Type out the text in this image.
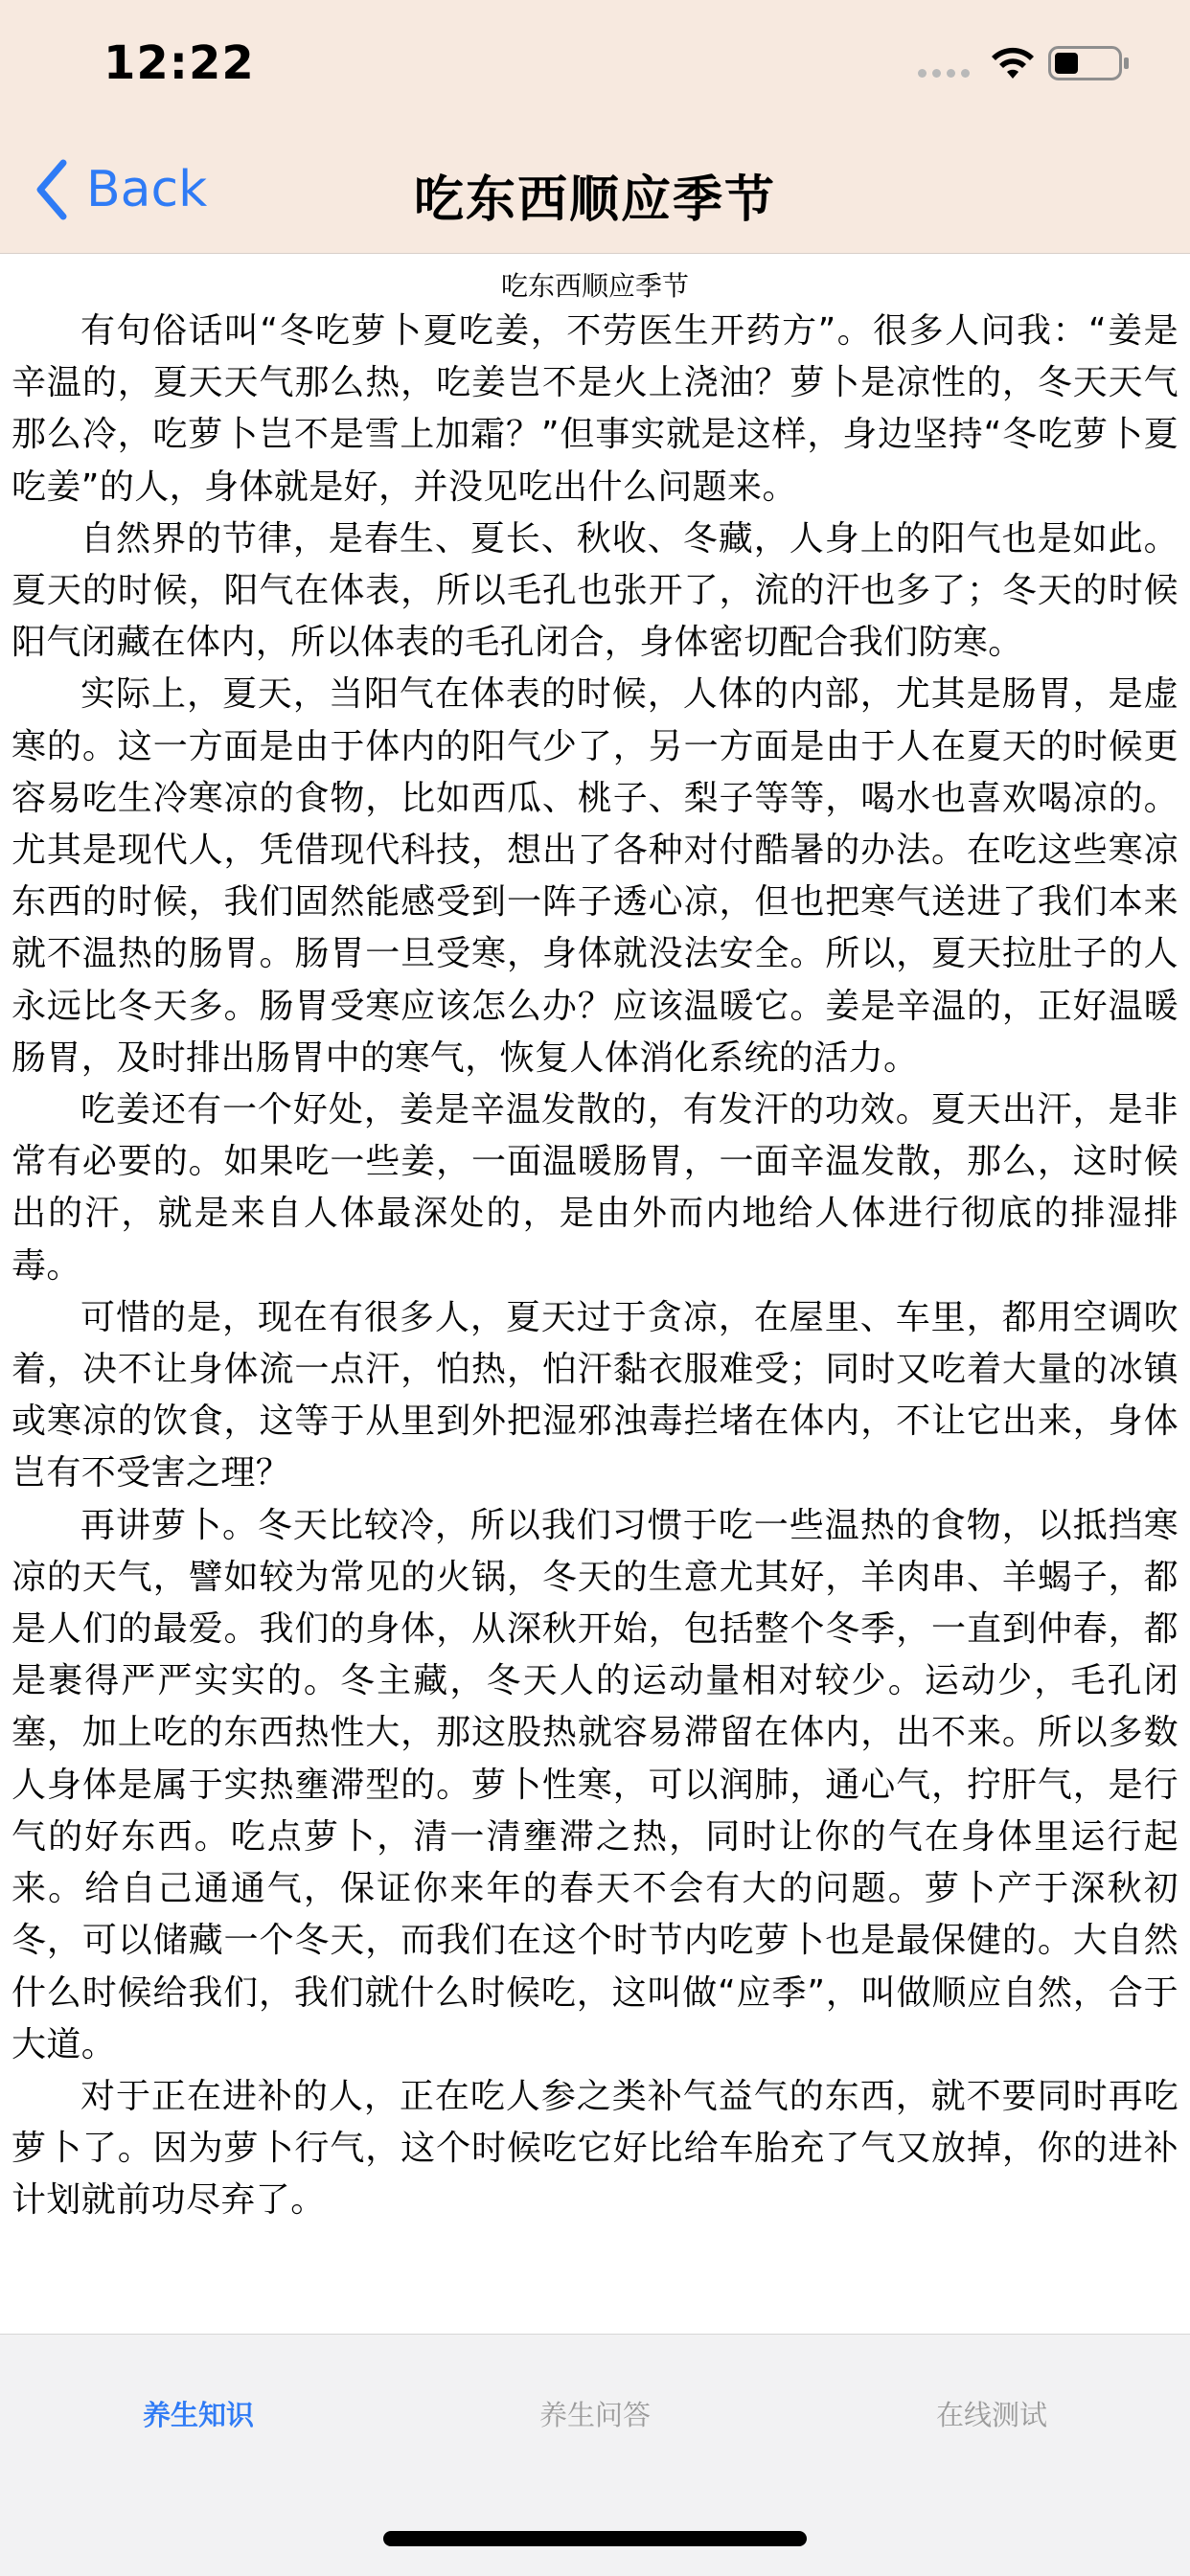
12:22
Back	吃东西顺应季节
吃东西顺应季节

有句俗话叫“冬吃萝卜夏吃姜，不劳医生开药方”。很多人问我：“姜是辛温的，夏天天气那么热，吃姜岂不是火上浇油？萝卜是凉性的，冬天天气那么冷，吃萝卜岂不是雪上加霜？”但事实就是这样，身边坚持“冬吃萝卜夏吃姜”的人，身体就是好，并没见吃出什么问题来。

自然界的节律，是春生、夏长、秋收、冬藏，人身上的阳气也是如此。夏天的时候，阳气在体表，所以毛孔也张开了，流的汗也多了；冬天的时候阳气闭藏在体内，所以体表的毛孔闭合，身体密切配合我们防寒。

实际上，夏天，当阳气在体表的时候，人体的内部，尤其是肠胃，是虚寒的。这一方面是由于体内的阳气少了，另一方面是由于人在夏天的时候更容易吃生冷寒凉的食物，比如西瓜、桃子、梨子等等，喝水也喜欢喝凉的。尤其是现代人，凭借现代科技，想出了各种对付酷暑的办法。在吃这些寒凉东西的时候，我们固然能感受到一阵子透心凉，但也把寒气送进了我们本来就不温热的肠胃。肠胃一旦受寒，身体就没法安全。所以，夏天拉肚子的人永远比冬天多。肠胃受寒应该怎么办？应该温暖它。姜是辛温的，正好温暖肠胃，及时排出肠胃中的寒气，恢复人体消化系统的活力。

吃姜还有一个好处，姜是辛温发散的，有发汗的功效。夏天出汗，是非常有必要的。如果吃一些姜，一面温暖肠胃，一面辛温发散，那么，这时候出的汗，就是来自人体最深处的，是由外而内地给人体进行彻底的排湿排毒。

可惜的是，现在有很多人，夏天过于贪凉，在屋里、车里，都用空调吹着，决不让身体流一点汗，怕热，怕汗黏衣服难受；同时又吃着大量的冰镇或寒凉的饮食，这等于从里到外把湿邪浊毒拦堵在体内，不让它出来，身体岂有不受害之理？

再讲萝卜。冬天比较冷，所以我们习惯于吃一些温热的食物，以抵挡寒凉的天气，譬如较为常见的火锅，冬天的生意尤其好，羊肉串、羊蝎子，都是人们的最爱。我们的身体，从深秋开始，包括整个冬季，一直到仲春，都是裹得严严实实的。冬主藏，冬天人的运动量相对较少。运动少，毛孔闭塞，加上吃的东西热性大，那这股热就容易滞留在体内，出不来。所以多数人身体是属于实热壅滞型的。萝卜性寒，可以润肺，通心气，拧肝气，是行气的好东西。吃点萝卜，清一清壅滞之热，同时让你的气在身体里运行起来。给自己通通气，保证你来年的春天不会有大的问题。萝卜产于深秋初冬，可以储藏一个冬天，而我们在这个时节内吃萝卜也是最保健的。大自然什么时候给我们，我们就什么时候吃，这叫做“应季”，叫做顺应自然，合于大道。

对于正在进补的人，正在吃人参之类补气益气的东西，就不要同时再吃萝卜了。因为萝卜行气，这个时候吃它好比给车胎充了气又放掉，你的进补计划就前功尽弃了。

养生知识	养生问答	在线测试
